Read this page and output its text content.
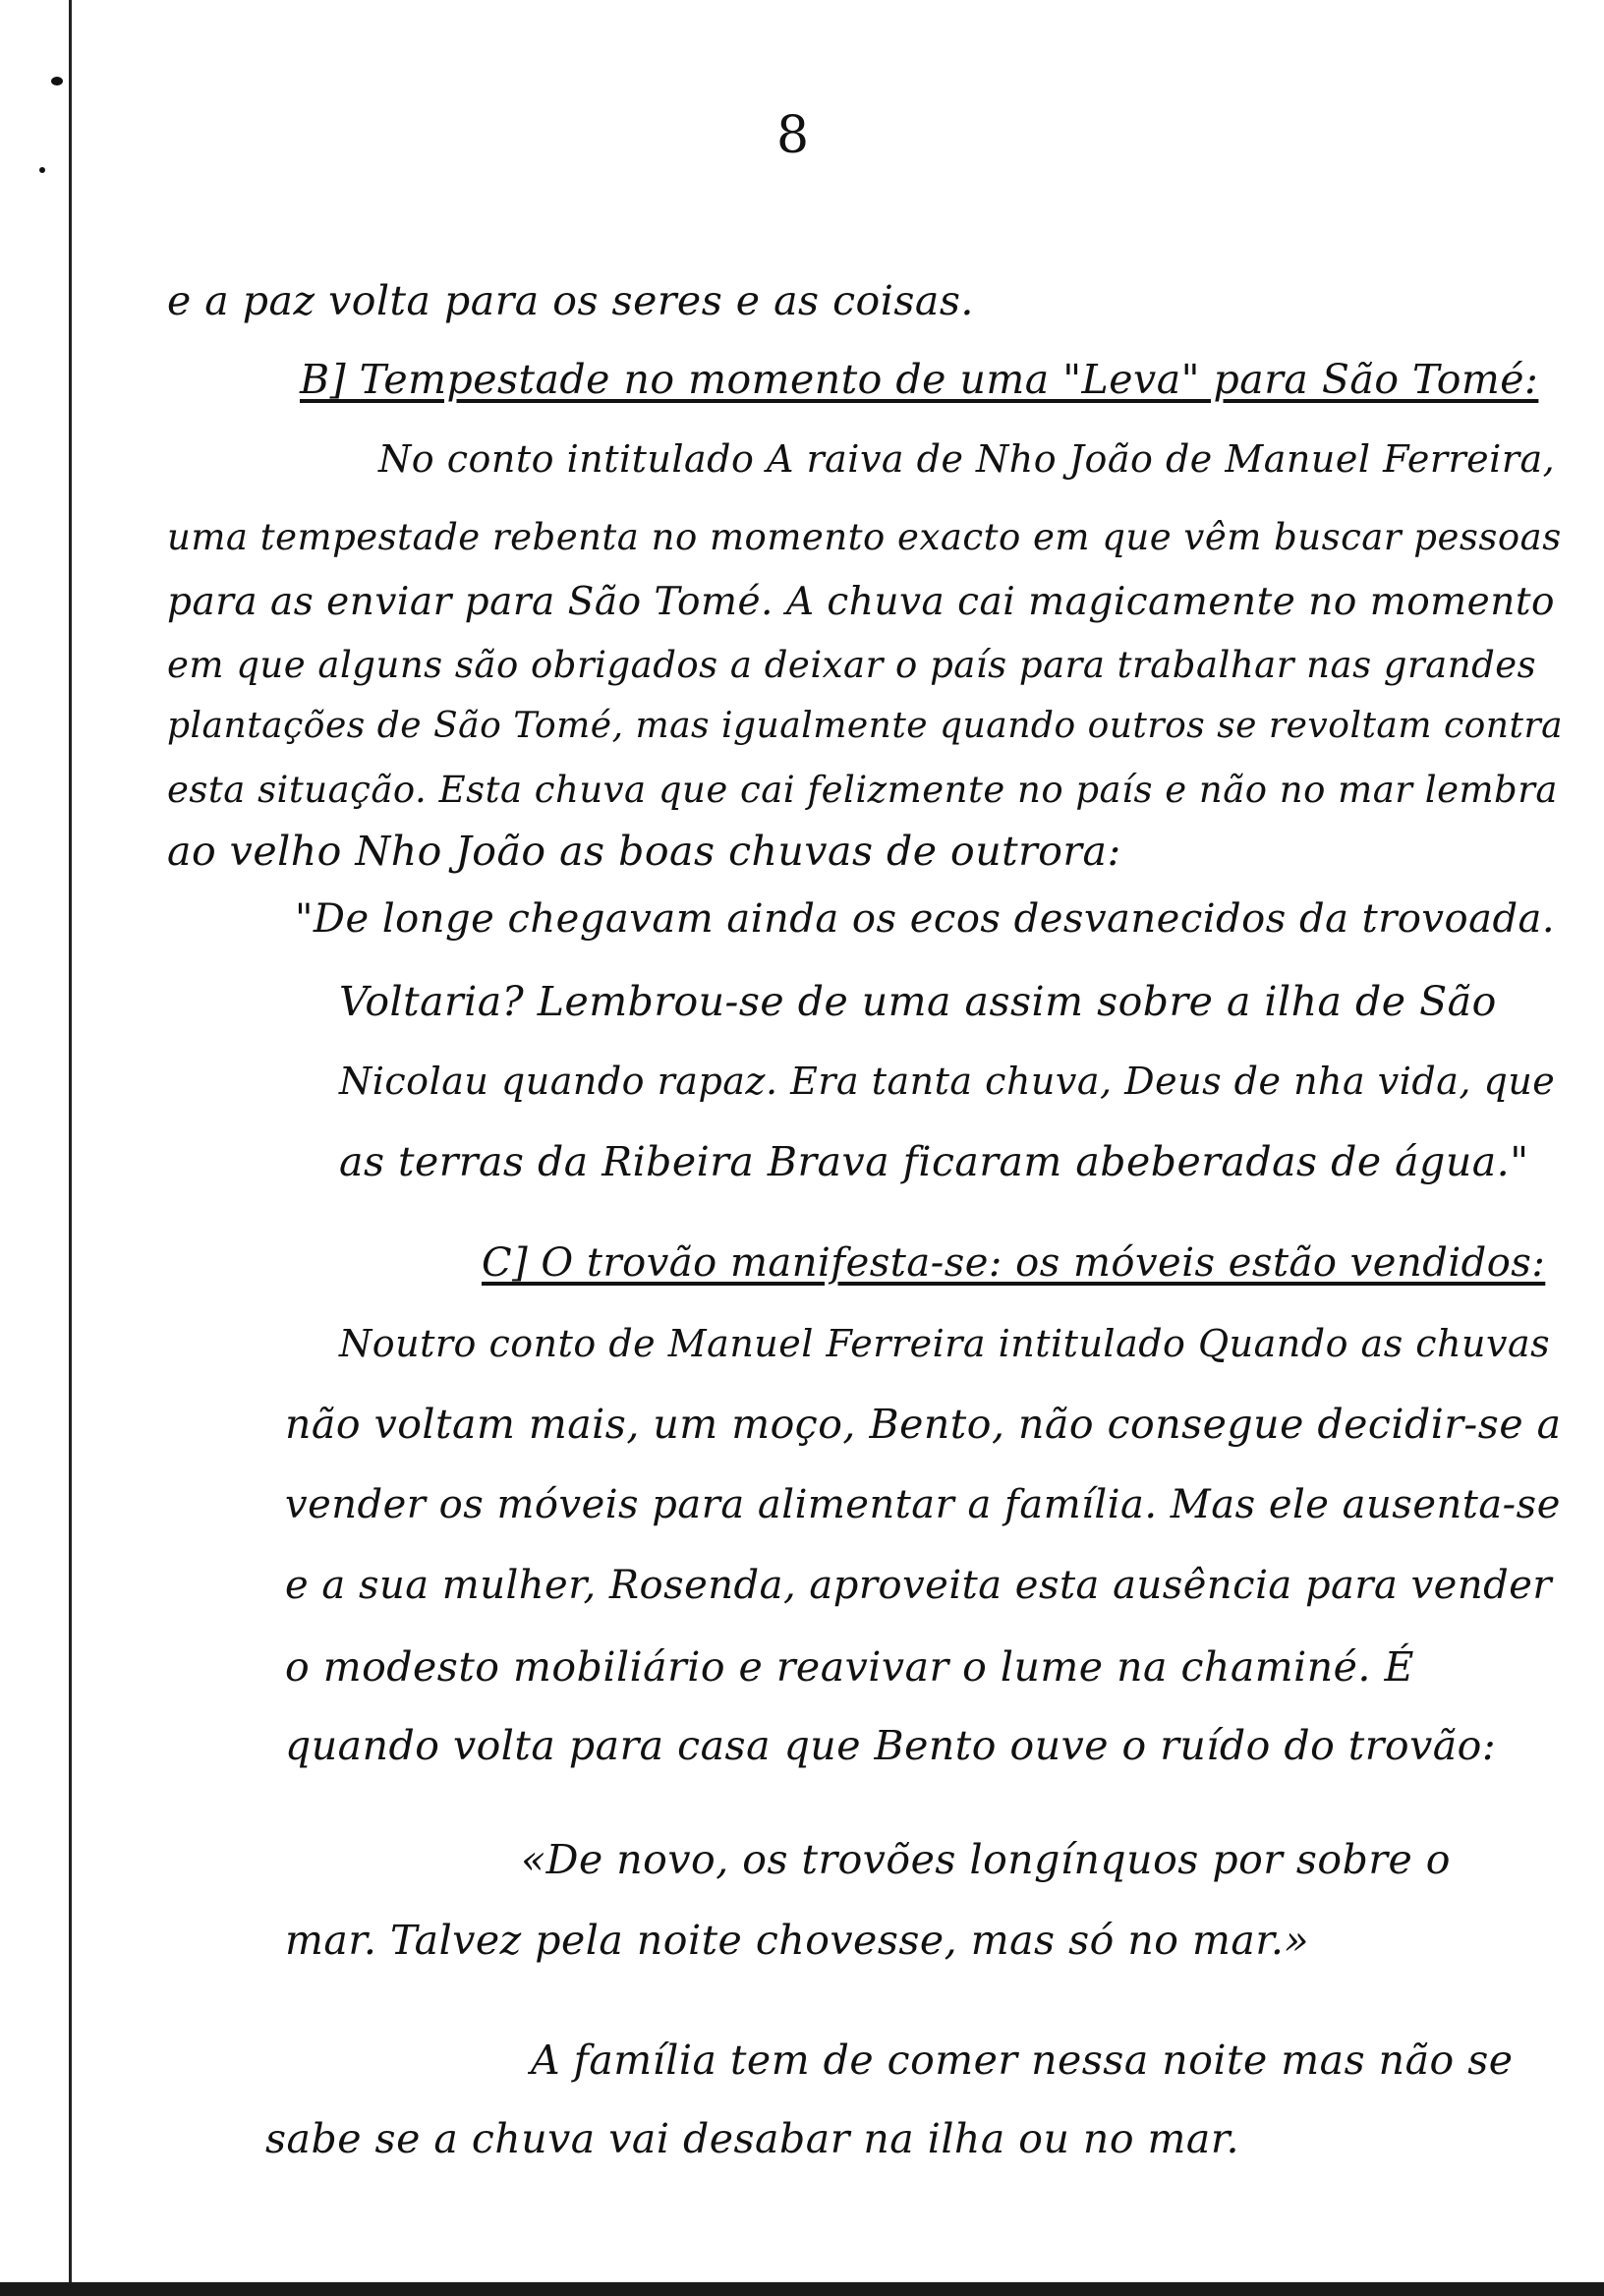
8
e a paz volta para os seres e as coisas.
B] Tempestade no momento de uma "Leva" para São Tomé:
No conto intitulado A raiva de Nho João de Manuel Ferreira,
uma tempestade rebenta no momento exacto em que vêm buscar pessoas
para as enviar para São Tomé. A chuva cai magicamente no momento
em que alguns são obrigados a deixar o país para trabalhar nas grandes
plantações de São Tomé, mas igualmente quando outros se revoltam contra
esta situação. Esta chuva que cai felizmente no país e não no mar lembra
ao velho Nho João as boas chuvas de outrora:
"De longe chegavam ainda os ecos desvanecidos da trovoada.
Voltaria? Lembrou-se de uma assim sobre a ilha de São
Nicolau quando rapaz. Era tanta chuva, Deus de nha vida, que
as terras da Ribeira Brava ficaram abeberadas de água."
C] O trovão manifesta-se: os móveis estão vendidos:
Noutro conto de Manuel Ferreira intitulado Quando as chuvas
não voltam mais, um moço, Bento, não consegue decidir-se a
vender os móveis para alimentar a família. Mas ele ausenta-se
e a sua mulher, Rosenda, aproveita esta ausência para vender
o modesto mobiliário e reavivar o lume na chaminé. É
quando volta para casa que Bento ouve o ruído do trovão:
«De novo, os trovões longínquos por sobre o
mar. Talvez pela noite chovesse, mas só no mar.»
A família tem de comer nessa noite mas não se
sabe se a chuva vai desabar na ilha ou no mar.
